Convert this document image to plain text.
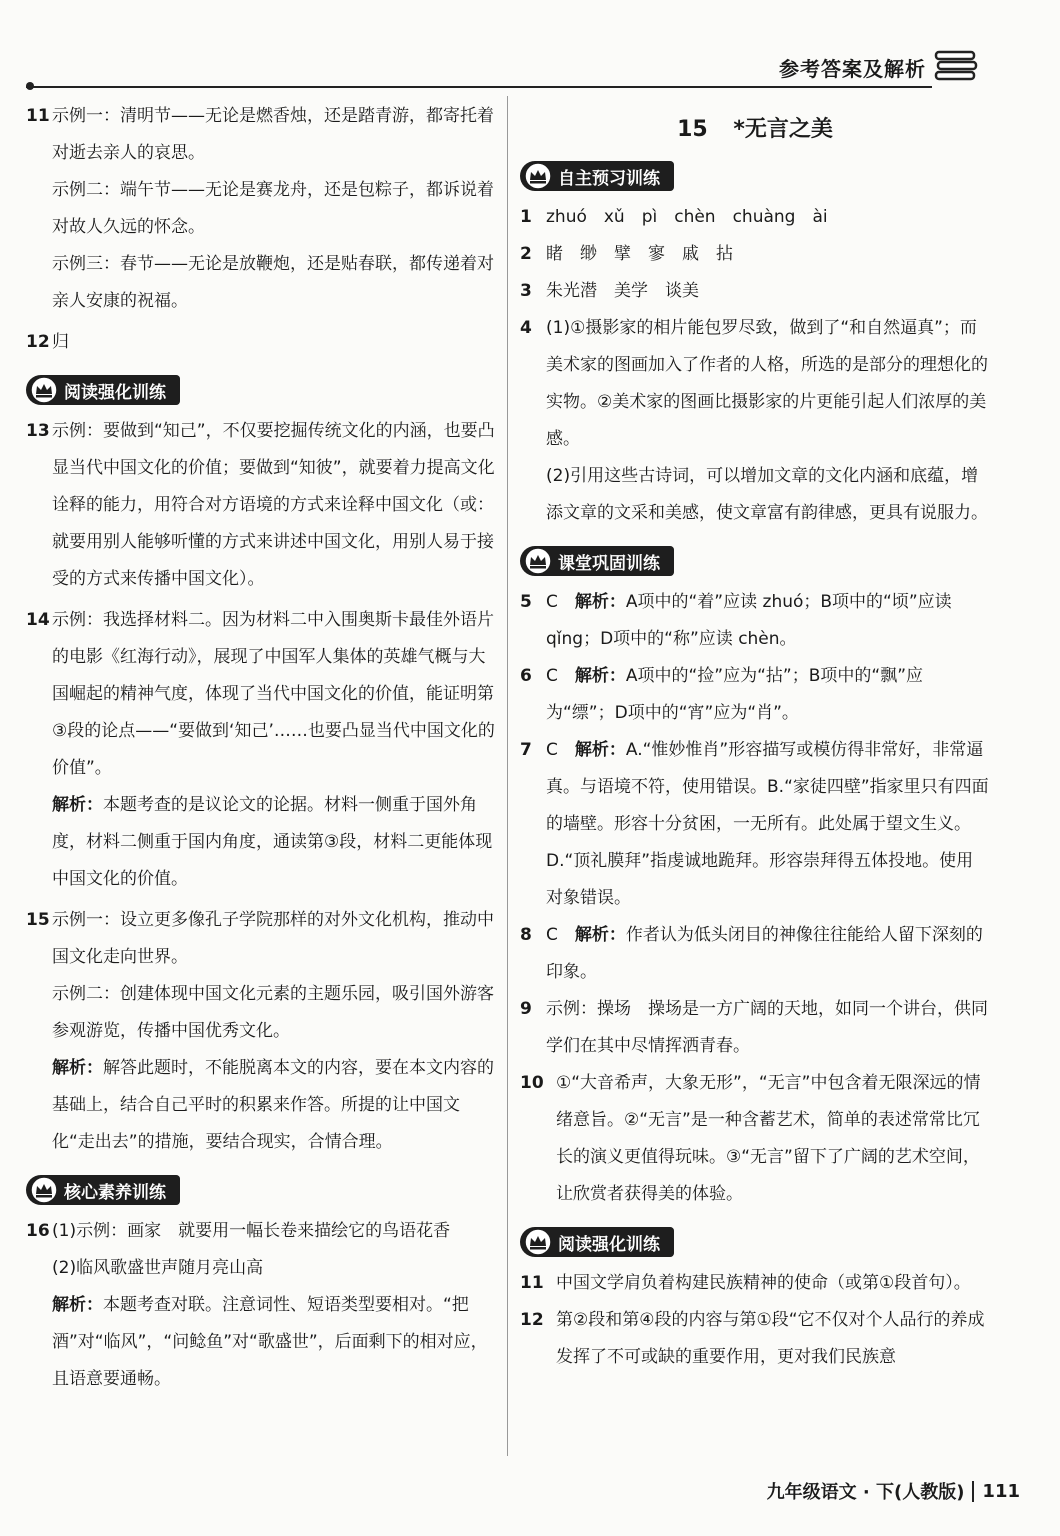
参考答案及解析
11 示例一：清明节——无论是燃香烛，还是踏青游，都寄托着对逝去亲人的哀思。

示例二：端午节——无论是赛龙舟，还是包粽子，都诉说着对故人久远的怀念。

示例三：春节——无论是放鞭炮，还是贴春联，都传递着对亲人安康的祝福。

12 归

阅读强化训练
13 示例：要做到“知己”，不仅要挖掘传统文化的内涵，也要凸显当代中国文化的价值；要做到“知彼”，就要着力提高文化诠释的能力，用符合对方语境的方式来诠释中国文化（或：就要用别人能够听懂的方式来讲述中国文化，用别人易于接受的方式来传播中国文化）。

14 示例：我选择材料二。因为材料二中入围奥斯卡最佳外语片的电影《红海行动》，展现了中国军人集体的英雄气概与大国崛起的精神气度，体现了当代中国文化的价值，能证明第③段的论点——“要做到‘知己’……也要凸显当代中国文化的价值”。

解析：本题考查的是议论文的论据。材料一侧重于国外角度，材料二侧重于国内角度，通读第③段，材料二更能体现中国文化的价值。

15 示例一：设立更多像孔子学院那样的对外文化机构，推动中国文化走向世界。

示例二：创建体现中国文化元素的主题乐园，吸引国外游客参观游览，传播中国优秀文化。

解析：解答此题时，不能脱离本文的内容，要在本文内容的基础上，结合自己平时的积累来作答。所提的让中国文化“走出去”的措施，要结合现实，合情合理。

核心素养训练
16 (1)示例：画家　就要用一幅长卷来描绘它的鸟语花香

(2)临风歌盛世声随月亮山高

解析：本题考查对联。注意词性、短语类型要相对。“把酒”对“临风”，“问鲶鱼”对“歌盛世”，后面剩下的相对应，且语意要通畅。

15 *无言之美
自主预习训练
1 zhuó　xǔ　pì　chèn　chuàng　ài

2 睹　缈　擘　寥　戚　拈

3 朱光潜　美学　谈美

4 (1)①摄影家的相片能包罗尽致，做到了“和自然逼真”；而美术家的图画加入了作者的人格，所选的是部分的理想化的实物。②美术家的图画比摄影家的片更能引起人们浓厚的美感。

(2)引用这些古诗词，可以增加文章的文化内涵和底蕴，增添文章的文采和美感，使文章富有韵律感，更具有说服力。

课堂巩固训练
5 C　 解析：A项中的“着”应读 zhuó；B项中的“顷”应读 qǐng；D项中的“称”应读 chèn。

6 C　 解析：A项中的“捡”应为“拈”；B项中的“飘”应为“缥”；D项中的“宵”应为“肖”。

7 C　 解析：A.“惟妙惟肖”形容描写或模仿得非常好，非常逼真。与语境不符，使用错误。B.“家徒四壁”指家里只有四面的墙壁。形容十分贫困，一无所有。此处属于望文生义。D.“顶礼膜拜”指虔诚地跪拜。形容崇拜得五体投地。使用对象错误。

8 C　 解析：作者认为低头闭目的神像往往能给人留下深刻的印象。

9 示例：操场　操场是一方广阔的天地，如同一个讲台，供同学们在其中尽情挥洒青春。

10 ①“大音希声，大象无形”，“无言”中包含着无限深远的情绪意旨。②“无言”是一种含蓄艺术，简单的表述常常比冗长的演义更值得玩味。③“无言”留下了广阔的艺术空间，让欣赏者获得美的体验。

阅读强化训练
11 中国文学肩负着构建民族精神的使命（或第①段首句）。

12 第②段和第④段的内容与第①段“它不仅对个人品行的养成发挥了不可或缺的重要作用，更对我们民族意

九年级语文 · 下(人教版)	111
